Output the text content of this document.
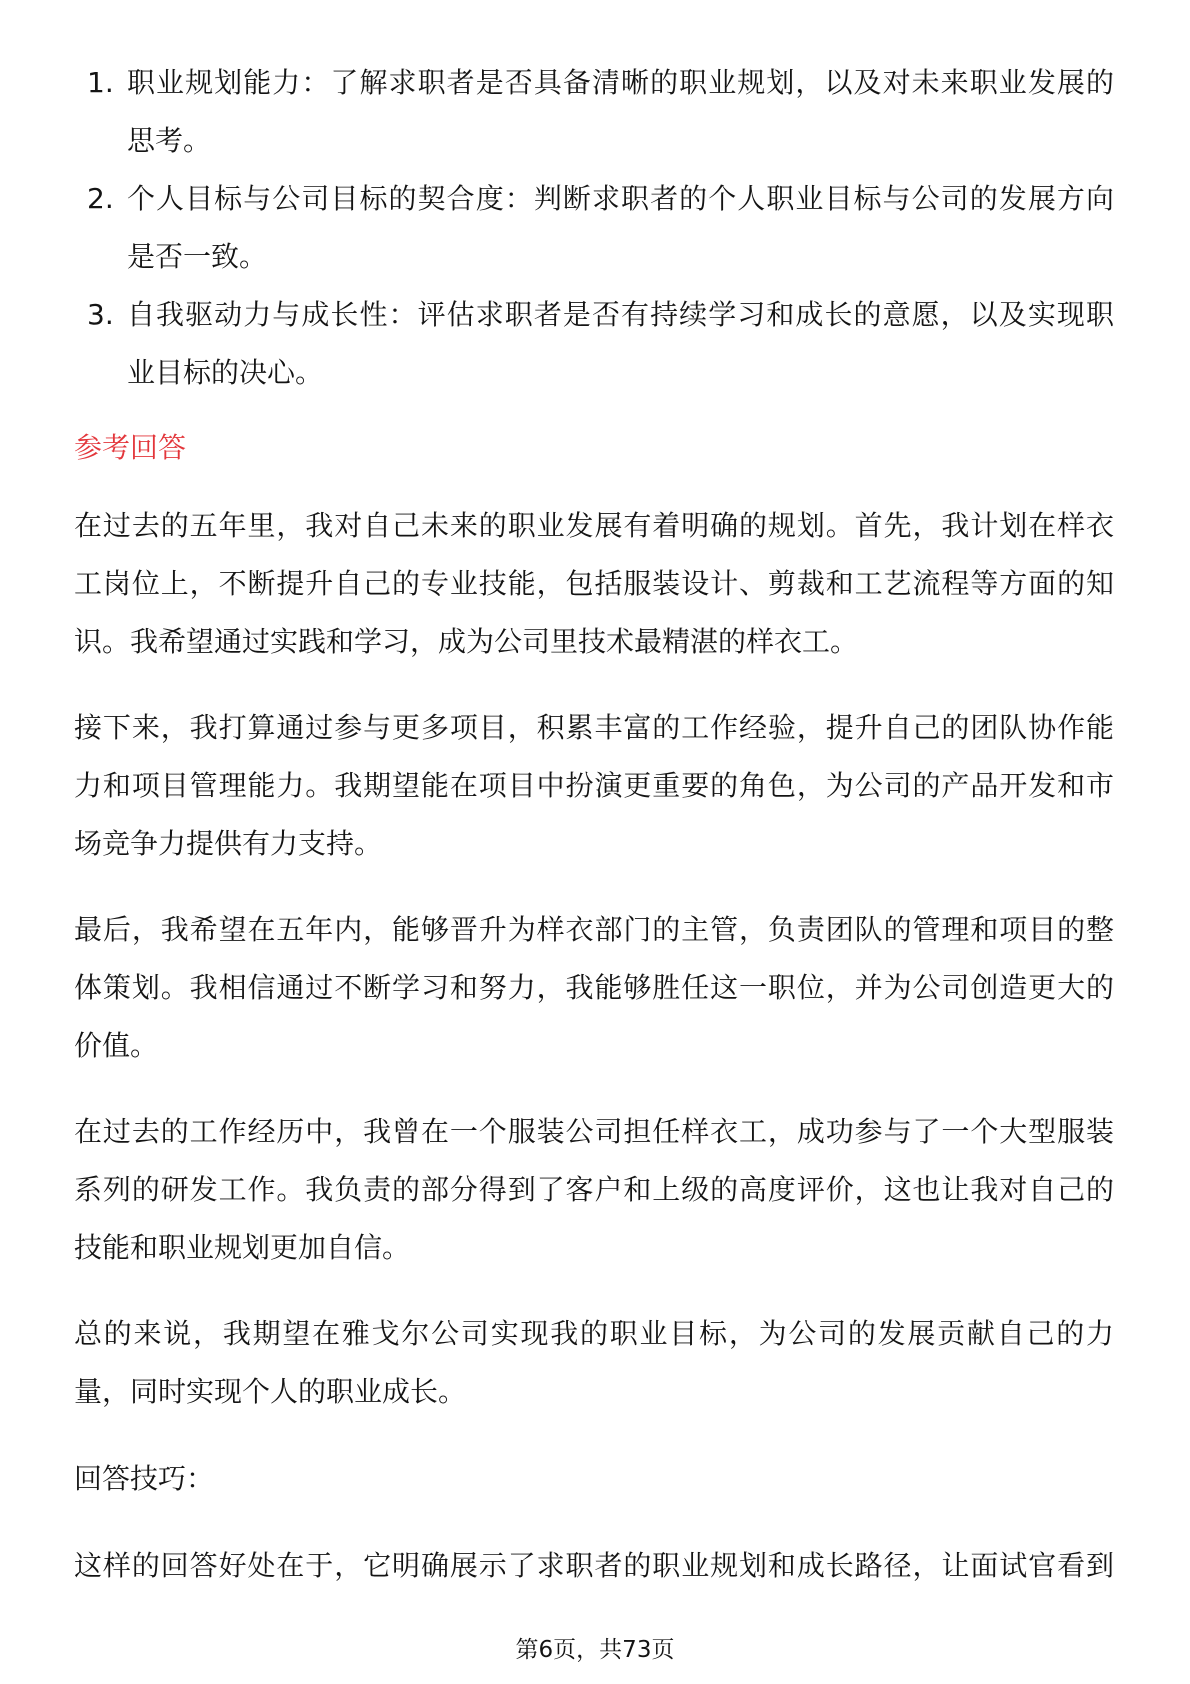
1. 职业规划能力：了解求职者是否具备清晰的职业规划，以及对未来职业发展的
思考。
2. 个人目标与公司目标的契合度：判断求职者的个人职业目标与公司的发展方向
是否一致。
3. 自我驱动力与成长性：评估求职者是否有持续学习和成长的意愿，以及实现职
业目标的决心。
参考回答
在过去的五年里，我对自己未来的职业发展有着明确的规划。首先，我计划在样衣
工岗位上，不断提升自己的专业技能，包括服装设计、剪裁和工艺流程等方面的知
识。我希望通过实践和学习，成为公司里技术最精湛的样衣工。
接下来，我打算通过参与更多项目，积累丰富的工作经验，提升自己的团队协作能
力和项目管理能力。我期望能在项目中扮演更重要的角色，为公司的产品开发和市
场竞争力提供有力支持。
最后，我希望在五年内，能够晋升为样衣部门的主管，负责团队的管理和项目的整
体策划。我相信通过不断学习和努力，我能够胜任这一职位，并为公司创造更大的
价值。
在过去的工作经历中，我曾在一个服装公司担任样衣工，成功参与了一个大型服装
系列的研发工作。我负责的部分得到了客户和上级的高度评价，这也让我对自己的
技能和职业规划更加自信。
总的来说，我期望在雅戈尔公司实现我的职业目标，为公司的发展贡献自己的力
量，同时实现个人的职业成长。
回答技巧：
这样的回答好处在于，它明确展示了求职者的职业规划和成长路径，让面试官看到
第6页，共73页
